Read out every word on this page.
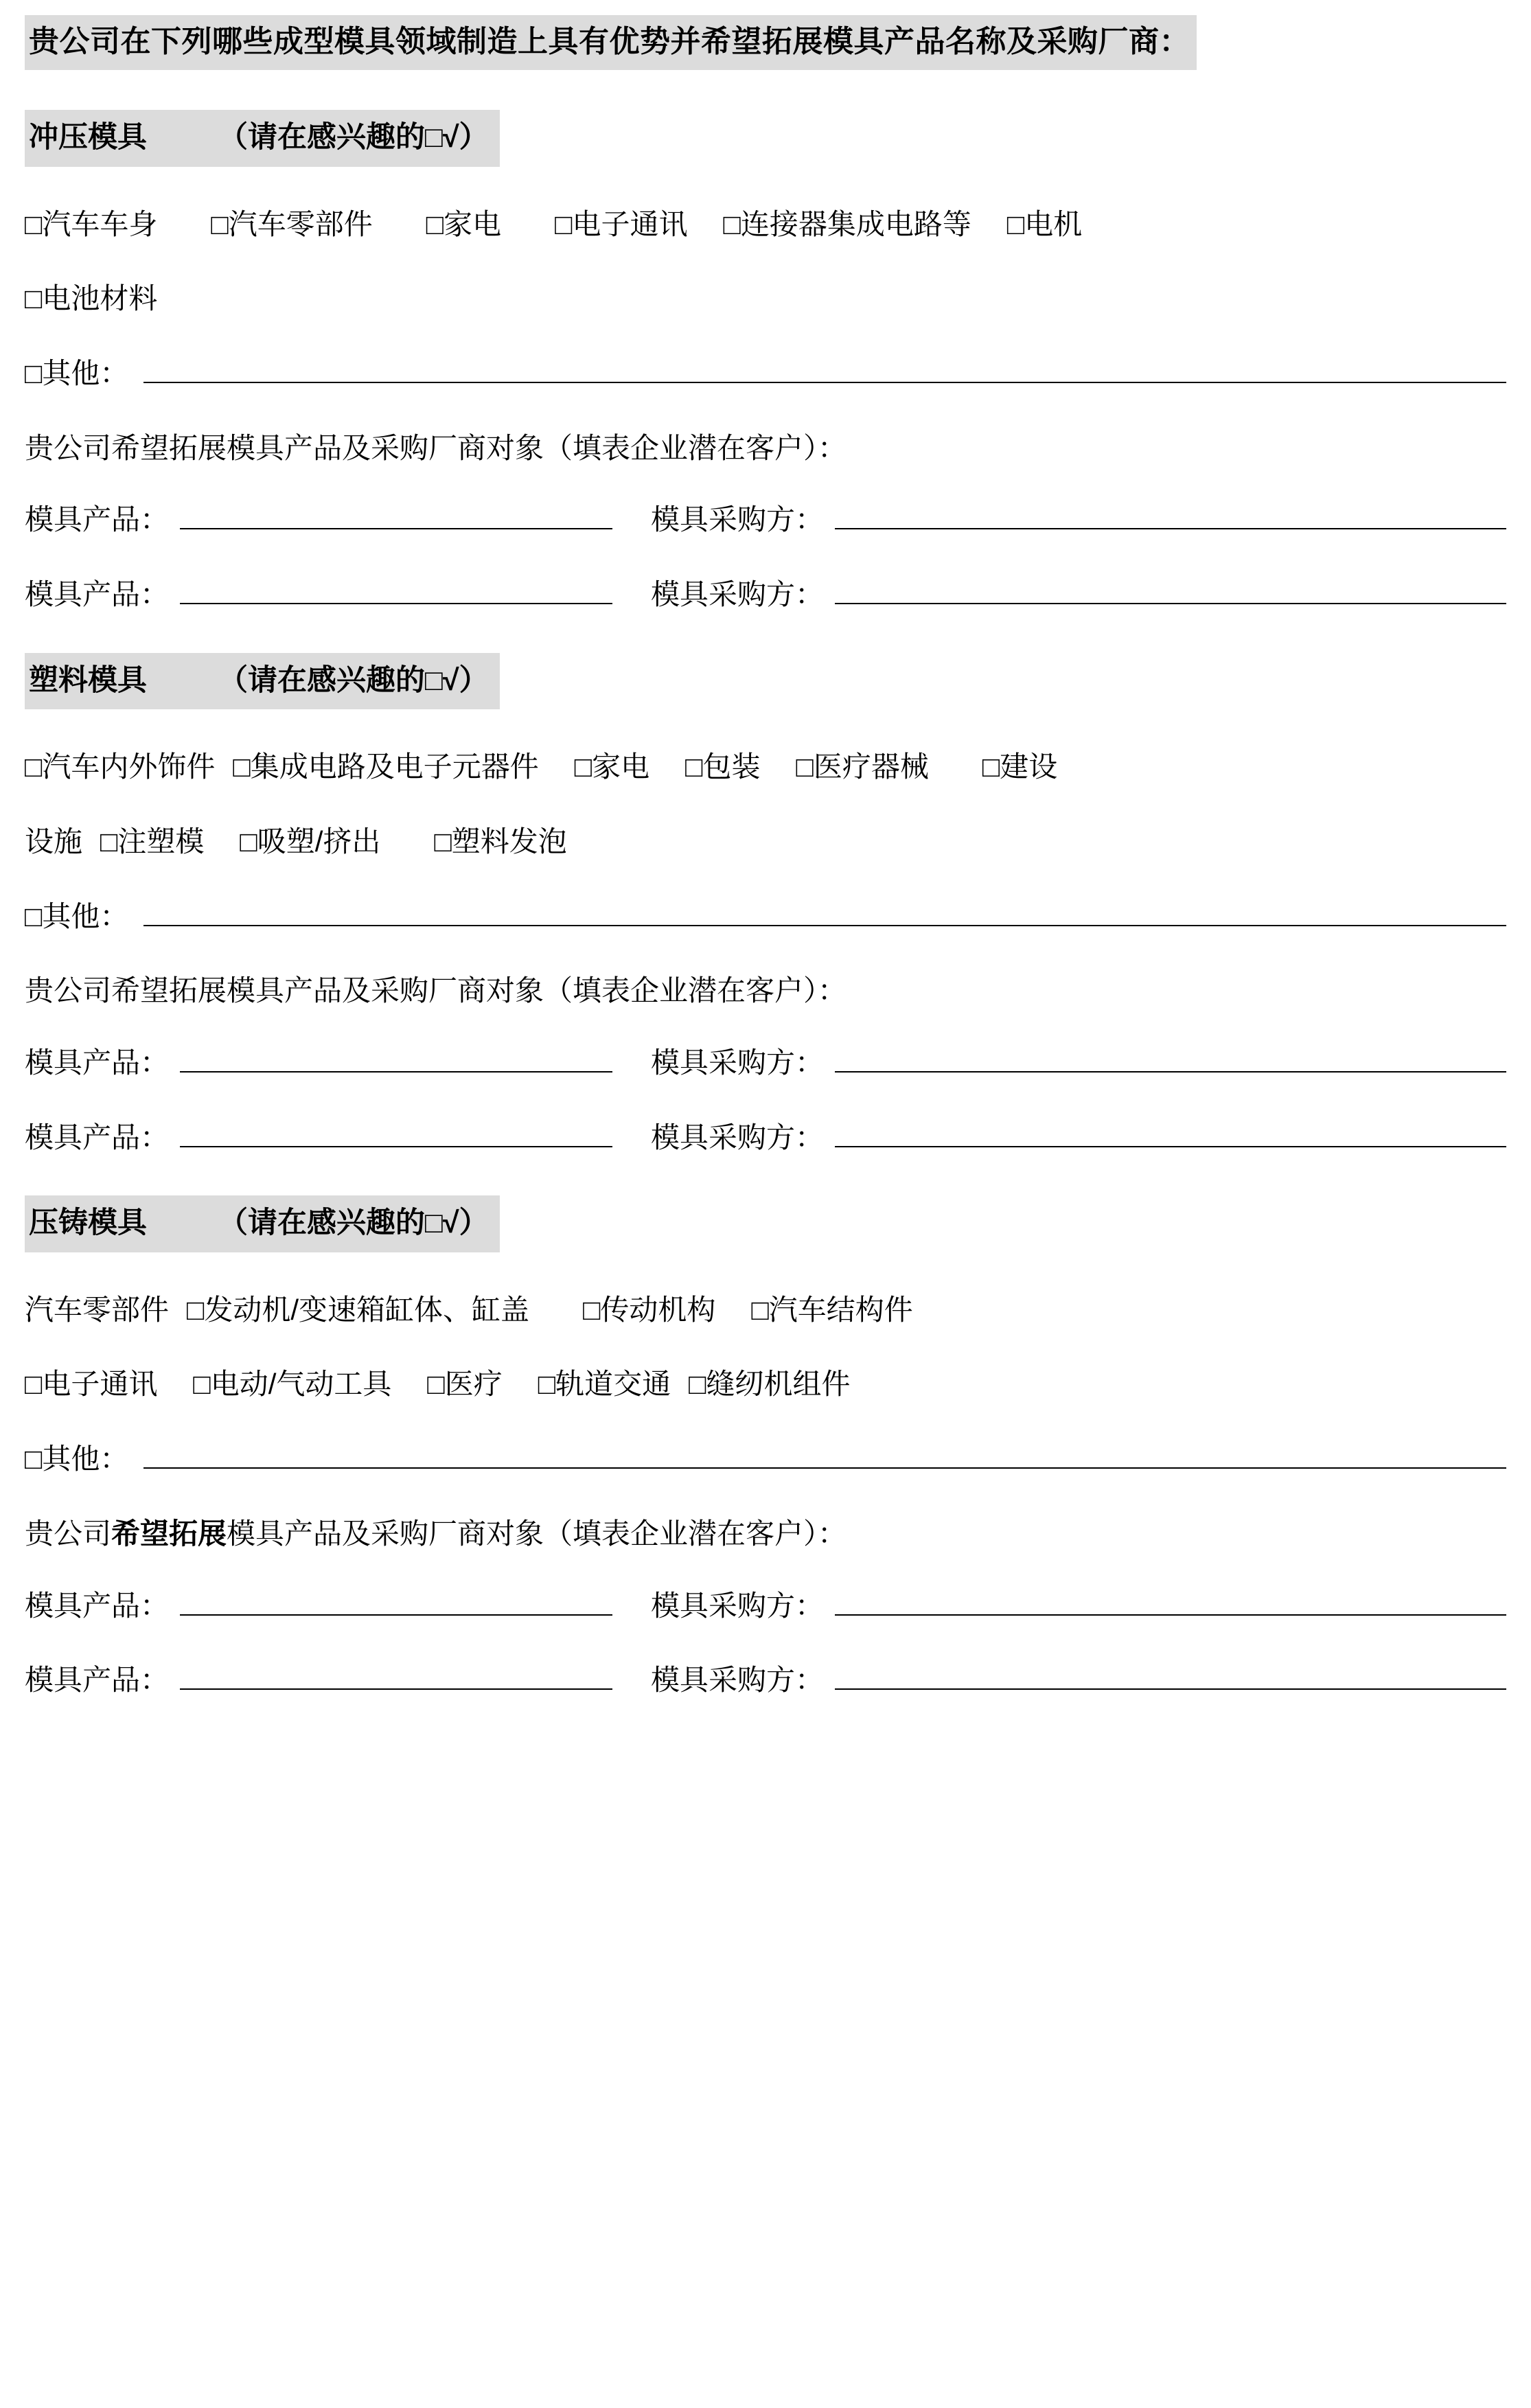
贵公司在下列哪些成型模具领域制造上具有优势并希望拓展模具产品名称及采购厂商：
冲压模具 （请在感兴趣的□√）
□汽车车身 □汽车零部件 □家电 □电子通讯 □连接器集成电路等 □电机
□电池材料
□其他：
贵公司希望拓展模具产品及采购厂商对象（填表企业潜在客户）：
模具产品：	模具采购方：
模具产品：	模具采购方：
塑料模具 （请在感兴趣的□√）
□汽车内外饰件 □集成电路及电子元器件 □家电 □包装 □医疗器械 □建设
设施 □注塑模 □吸塑/挤出 □塑料发泡
□其他：
贵公司希望拓展模具产品及采购厂商对象（填表企业潜在客户）：
模具产品：	模具采购方：
模具产品：	模具采购方：
压铸模具 （请在感兴趣的□√）
汽车零部件 □发动机/变速箱缸体、缸盖 □传动机构 □汽车结构件
□电子通讯 □电动/气动工具 □医疗 □轨道交通 □缝纫机组件
□其他：
贵公司希望拓展模具产品及采购厂商对象（填表企业潜在客户）：
模具产品：	模具采购方：
模具产品：	模具采购方：
